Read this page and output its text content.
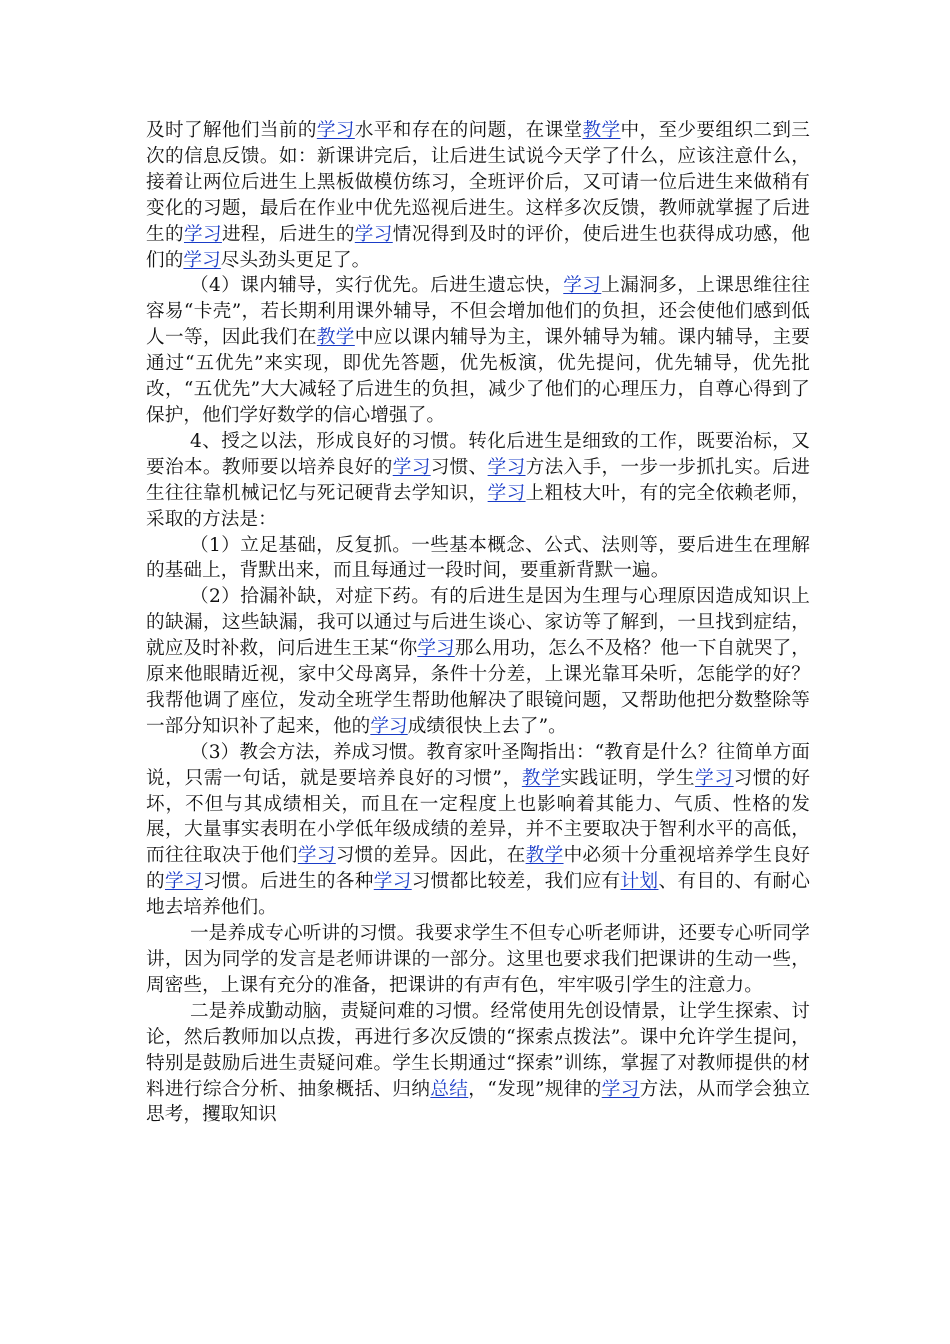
及时了解他们当前的学习水平和存在的问题，在课堂教学中，至少要组织二到三次的信息反馈。如：新课讲完后，让后进生试说今天学了什么，应该注意什么，接着让两位后进生上黑板做模仿练习，全班评价后，又可请一位后进生来做稍有变化的习题，最后在作业中优先巡视后进生。这样多次反馈，教师就掌握了后进生的学习进程，后进生的学习情况得到及时的评价，使后进生也获得成功感，他们的学习尽头劲头更足了。

（4）课内辅导，实行优先。后进生遗忘快，学习上漏洞多，上课思维往往容易“卡壳”，若长期利用课外辅导，不但会增加他们的负担，还会使他们感到低人一等，因此我们在教学中应以课内辅导为主，课外辅导为辅。课内辅导，主要通过“五优先”来实现，即优先答题，优先板演，优先提问，优先辅导，优先批改，“五优先”大大减轻了后进生的负担，减少了他们的心理压力，自尊心得到了保护，他们学好数学的信心增强了。

4、授之以法，形成良好的习惯。转化后进生是细致的工作，既要治标，又要治本。教师要以培养良好的学习习惯、学习方法入手，一步一步抓扎实。后进生往往靠机械记忆与死记硬背去学知识，学习上粗枝大叶，有的完全依赖老师，采取的方法是：

（1）立足基础，反复抓。一些基本概念、公式、法则等，要后进生在理解的基础上，背默出来，而且每通过一段时间，要重新背默一遍。

（2）拾漏补缺，对症下药。有的后进生是因为生理与心理原因造成知识上的缺漏，这些缺漏，我可以通过与后进生谈心、家访等了解到，一旦找到症结，就应及时补救，问后进生王某“你学习那么用功，怎么不及格？他一下自就哭了，原来他眼睛近视，家中父母离异，条件十分差，上课光靠耳朵听，怎能学的好？我帮他调了座位，发动全班学生帮助他解决了眼镜问题，又帮助他把分数整除等一部分知识补了起来，他的学习成绩很快上去了”。

（3）教会方法，养成习惯。教育家叶圣陶指出：“教育是什么？往简单方面说，只需一句话，就是要培养良好的习惯”，教学实践证明，学生学习习惯的好坏，不但与其成绩相关，而且在一定程度上也影响着其能力、气质、性格的发展，大量事实表明在小学低年级成绩的差异，并不主要取决于智利水平的高低，而往往取决于他们学习习惯的差异。因此，在教学中必须十分重视培养学生良好的学习习惯。后进生的各种学习习惯都比较差，我们应有计划、有目的、有耐心地去培养他们。

一是养成专心听讲的习惯。我要求学生不但专心听老师讲，还要专心听同学讲，因为同学的发言是老师讲课的一部分。这里也要求我们把课讲的生动一些，周密些，上课有充分的准备，把课讲的有声有色，牢牢吸引学生的注意力。

二是养成勤动脑，责疑问难的习惯。经常使用先创设情景，让学生探索、讨论，然后教师加以点拨，再进行多次反馈的“探索点拨法”。课中允许学生提问，特别是鼓励后进生责疑问难。学生长期通过“探索”训练，掌握了对教师提供的材料进行综合分析、抽象概括、归纳总结，“发现”规律的学习方法，从而学会独立思考，攫取知识
